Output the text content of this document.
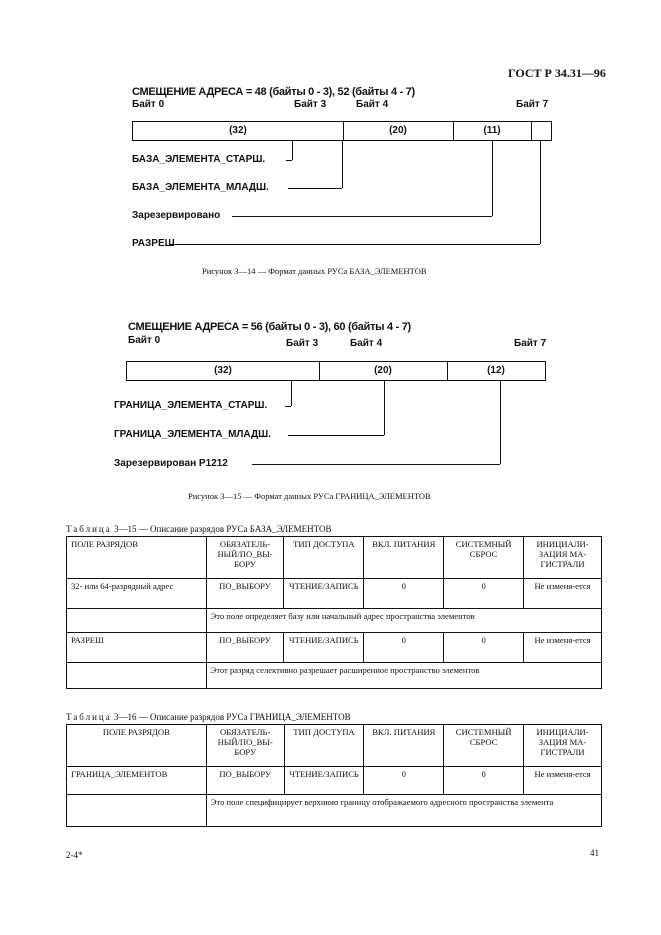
ГОСТ Р 34.31—96
СМЕЩЕНИЕ АДРЕСА = 48 (байты 0 - 3), 52 (байты 4 - 7)
Байт 0	Байт 3	Байт 4	Байт 7
(32)	(20)	(11)
БАЗА_ЭЛЕМЕНТА_СТАРШ.
БАЗА_ЭЛЕМЕНТА_МЛАДШ.
Зарезервировано
РАЗРЕШ
Рисунок 3—14 — Формат данных РУСа БАЗА_ЭЛЕМЕНТОВ
СМЕЩЕНИЕ АДРЕСА = 56 (байты 0 - 3), 60 (байты 4 - 7)
Байт 0	Байт 3	Байт 4	Байт 7
(32)	(20)	(12)
ГРАНИЦА_ЭЛЕМЕНТА_СТАРШ.
ГРАНИЦА_ЭЛЕМЕНТА_МЛАДШ.
Зарезервирован Р1212
Рисунок 3—15 — Формат данных РУСа ГРАНИЦА_ЭЛЕМЕНТОВ
Таблица 3—15 — Описание разрядов РУСа БАЗА_ЭЛЕМЕНТОВ
ПОЛЕ РАЗРЯДОВ	ОБЯЗАТЕЛЬ-НЫЙ/ПО_ВЫ-БОРУ	ТИП ДОСТУПА	ВКЛ. ПИТАНИЯ	СИСТЕМНЫЙ СБРОС	ИНИЦИАЛИ-ЗАЦИЯ МА-ГИСТРАЛИ
32- или 64-разрядный адрес	ПО_ВЫБОРУ	ЧТЕНИЕ/ЗАПИСЬ	0	0	Не изменя-ется
	Это поле определяет базу или начальный адрес пространства элементов				
РАЗРЕШ	ПО_ВЫБОРУ	ЧТЕНИЕ/ЗАПИСЬ	0	0	Не изменя-ется
	Этот разряд селективно разрешает расширенное пространство элементов				
Таблица 3—16 — Описание разрядов РУСа ГРАНИЦА_ЭЛЕМЕНТОВ
ПОЛЕ РАЗРЯДОВ	ОБЯЗАТЕЛЬ-НЫЙ/ПО_ВЫ-БОРУ	ТИП ДОСТУПА	ВКЛ. ПИТАНИЯ	СИСТЕМНЫЙ СБРОС	ИНИЦИАЛИ-ЗАЦИЯ МА-ГИСТРАЛИ
ГРАНИЦА_ЭЛЕМЕНТОВ	ПО_ВЫБОРУ	ЧТЕНИЕ/ЗАПИСЬ	0	0	Не изменя-ется
	Это поле специфицирует верхнюю границу отображаемого адресного пространства элемента				
2-4*	41
